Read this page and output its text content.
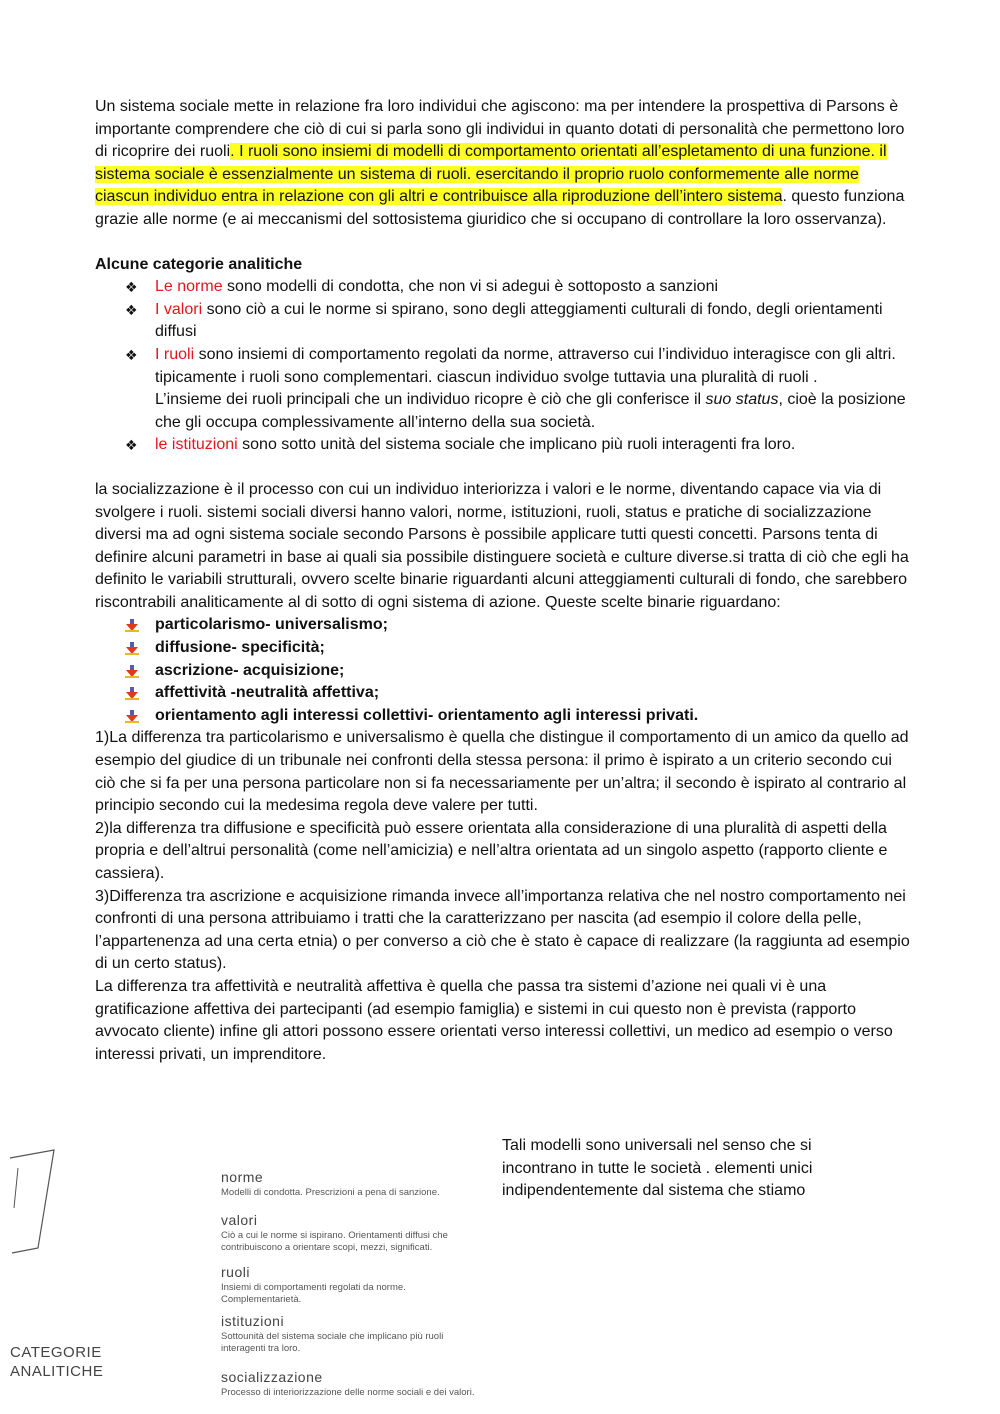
Un sistema sociale mette in relazione fra loro individui che agiscono: ma per intendere la prospettiva di Parsons è importante comprendere che ciò di cui si parla sono gli individui in quanto dotati di personalità che permettono loro di ricoprire dei ruoli. I ruoli sono insiemi di modelli di comportamento orientati all’espletamento di una funzione. il sistema sociale è essenzialmente un sistema di ruoli. esercitando il proprio ruolo conformemente alle norme ciascun individuo entra in relazione con gli altri e contribuisce alla riproduzione dell’intero sistema. questo funziona grazie alle norme (e ai meccanismi del sottosistema giuridico che si occupano di controllare la loro osservanza).

Alcune categorie analitiche

❖ Le norme sono modelli di condotta, che non vi si adegui è sottoposto a sanzioni
❖ I valori sono ciò a cui le norme si spirano, sono degli atteggiamenti culturali di fondo, degli orientamenti diffusi
❖ I ruoli sono insiemi di comportamento regolati da norme, attraverso cui l’individuo interagisce con gli altri. tipicamente i ruoli sono complementari. ciascun individuo svolge tuttavia una pluralità di ruoli .
L’insieme dei ruoli principali che un individuo ricopre è ciò che gli conferisce il suo status, cioè la posizione che gli occupa complessivamente all’interno della sua società.
❖ le istituzioni sono sotto unità del sistema sociale che implicano più ruoli interagenti fra loro.

la socializzazione è il processo con cui un individuo interiorizza i valori e le norme, diventando capace via via di svolgere i ruoli. sistemi sociali diversi hanno valori, norme, istituzioni, ruoli, status e pratiche di socializzazione diversi ma ad ogni sistema sociale secondo Parsons è possibile applicare tutti questi concetti. Parsons tenta di definire alcuni parametri in base ai quali sia possibile distinguere società e culture diverse.si tratta di ciò che egli ha definito le variabili strutturali, ovvero scelte binarie riguardanti alcuni atteggiamenti culturali di fondo, che sarebbero riscontrabili analiticamente al di sotto di ogni sistema di azione. Queste scelte binarie riguardano:

particolarismo- universalismo;
diffusione- specificità;
ascrizione- acquisizione;
affettività -neutralità affettiva;
orientamento agli interessi collettivi- orientamento agli interessi privati.

1)La differenza tra particolarismo e universalismo è quella che distingue il comportamento di un amico da quello ad esempio del giudice di un tribunale nei confronti della stessa persona: il primo è ispirato a un criterio secondo cui ciò che si fa per una persona particolare non si fa necessariamente per un’altra; il secondo è ispirato al contrario al principio secondo cui la medesima regola deve valere per tutti.

2)la differenza tra diffusione e specificità può essere orientata alla considerazione di una pluralità di aspetti della propria e dell’altrui personalità (come nell’amicizia) e nell’altra orientata ad un singolo aspetto (rapporto cliente e cassiera).

3)Differenza tra ascrizione e acquisizione rimanda invece all’importanza relativa che nel nostro comportamento nei confronti di una persona attribuiamo i tratti che la caratterizzano per nascita (ad esempio il colore della pelle, l’appartenenza ad una certa etnia) o per converso a ciò che è stato è capace di realizzare (la raggiunta ad esempio di un certo status).

La differenza tra affettività e neutralità affettiva è quella che passa tra sistemi d’azione nei quali vi è una gratificazione affettiva dei partecipanti (ad esempio famiglia) e sistemi in cui questo non è prevista (rapporto avvocato cliente) infine gli attori possono essere orientati verso interessi collettivi, un medico ad esempio o verso interessi privati, un imprenditore.

Tali modelli sono universali nel senso che si incontrano in tutte le società . elementi unici indipendentemente dal sistema che stiamo
norme
Modelli di condotta. Prescrizioni a pena di sanzione.
valori
Ciò a cui le norme si ispirano. Orientamenti diffusi che contribuiscono a orientare scopi, mezzi, significati.
ruoli
Insiemi di comportamenti regolati da norme. Complementarietà.
istituzioni
Sottounità del sistema sociale che implicano più ruoli interagenti tra loro.
socializzazione
Processo di interiorizzazione delle norme sociali e dei valori.
CATEGORIE
ANALITICHE
